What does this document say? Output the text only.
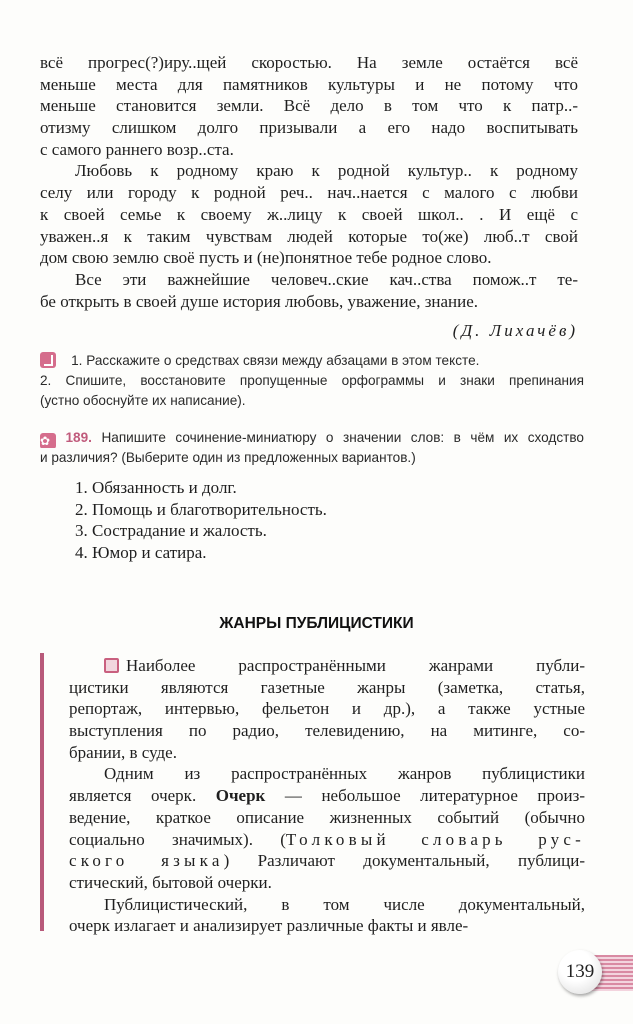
всё прогрес(?)иру..щей скоростью. На земле остаётся всё
меньше места для памятников культуры и не потому что
меньше становится земли. Всё дело в том что к патр..-
отизму слишком долго призывали а его надо воспитывать
с самого раннего возр..ста.
Любовь к родному краю к родной культур.. к родному
селу или городу к родной реч.. нач..нается с малого с любви
к своей семье к своему ж..лицу к своей школ.. . И ещё с
уважен..я к таким чувствам людей которые то(же) люб..т свой
дом свою землю своё пусть и (не)понятное тебе родное слово.
Все эти важнейшие человеч..ские кач..ства помож..т те-
бе открыть в своей душе история любовь, уважение, знание.
(Д. Лихачёв)
1. Расскажите о средствах связи между абзацами в этом тексте.
2. Спишите, восстановите пропущенные орфограммы и знаки препинания
(устно обоснуйте их написание).
✿ 189. Напишите сочинение-миниатюру о значении слов: в чём их сходство
и различия? (Выберите один из предложенных вариантов.)
1. Обязанность и долг.
2. Помощь и благотворительность.
3. Сострадание и жалость.
4. Юмор и сатира.
ЖАНРЫ ПУБЛИЦИСТИКИ
Наиболее распространёнными жанрами публи-
цистики являются газетные жанры (заметка, статья,
репортаж, интервью, фельетон и др.), а также устные
выступления по радио, телевидению, на митинге, со-
брании, в суде.
Одним из распространённых жанров публицистики
является очерк. Очерк — небольшое литературное произ-
ведение, краткое описание жизненных событий (обычно
социально значимых). (Толковый словарь рус-
ского языка) Различают документальный, публици-
стический, бытовой очерки.
Публицистический, в том числе документальный,
очерк излагает и анализирует различные факты и явле-
139
